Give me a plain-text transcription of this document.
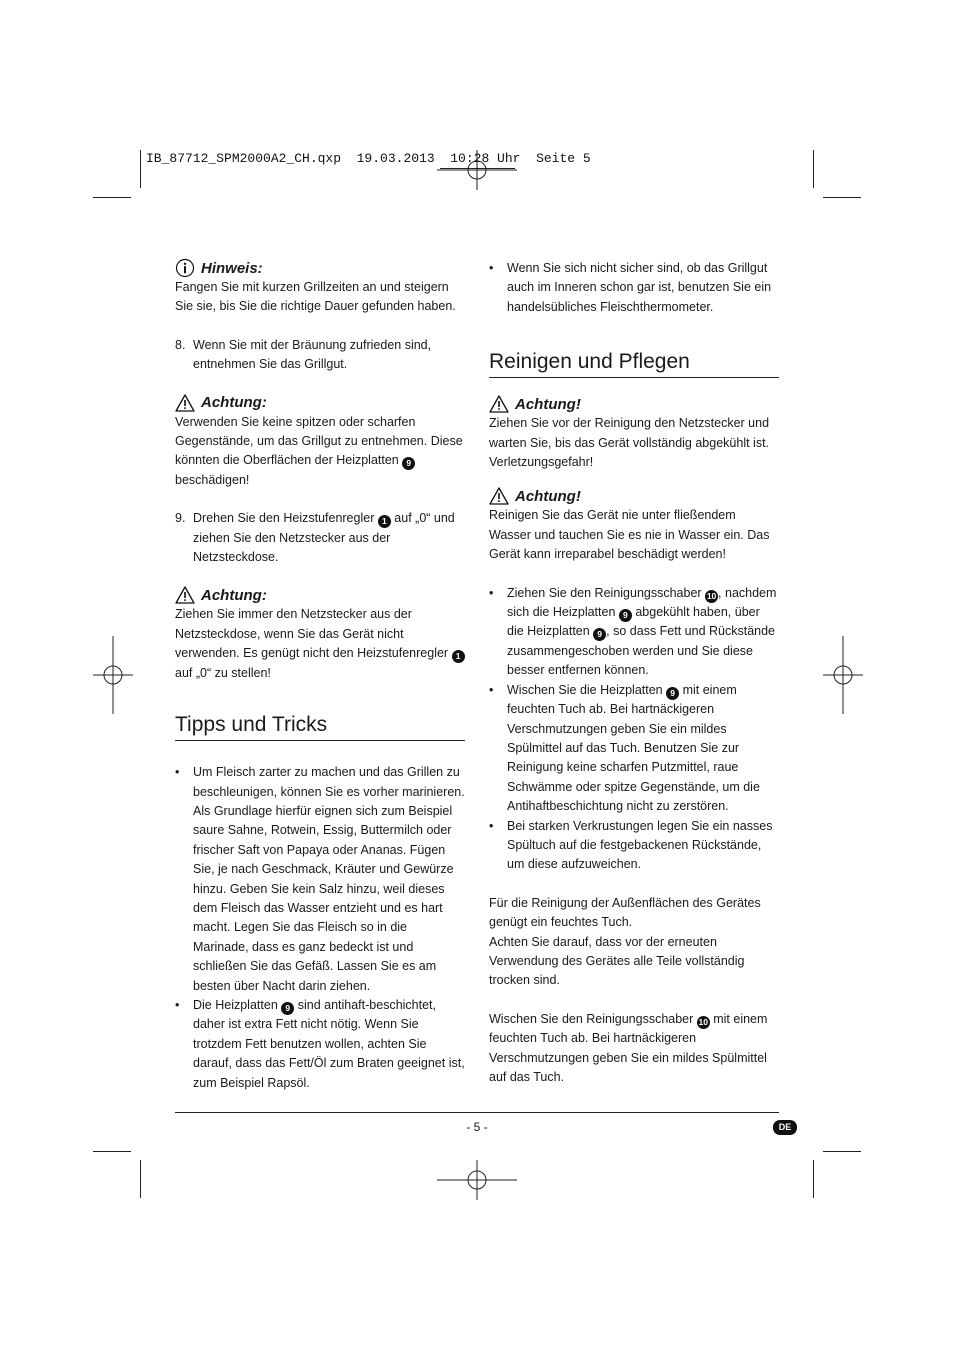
IB_87712_SPM2000A2_CH.qxp  19.03.2013  10:28 Uhr  Seite 5
Hinweis:

Fangen Sie mit kurzen Grillzeiten an und steigern Sie sie, bis Sie die richtige Dauer gefunden haben.

8. Wenn Sie mit der Bräunung zufrieden sind, entnehmen Sie das Grillgut.
Achtung:

Verwenden Sie keine spitzen oder scharfen Gegenstände, um das Grillgut zu entnehmen. Diese könnten die Oberflächen der Heizplatten 9 beschädigen!

9. Drehen Sie den Heizstufenregler 1 auf „0“ und ziehen Sie den Netzstecker aus der Netzsteckdose.
Achtung:

Ziehen Sie immer den Netzstecker aus der Netzsteckdose, wenn Sie das Gerät nicht verwenden. Es genügt nicht den Heizstufenregler 1 auf „0“ zu stellen!

Tipps und Tricks
•	Um Fleisch zarter zu machen und das Grillen zu beschleunigen, können Sie es vorher marinieren. Als Grundlage hierfür eignen sich zum Beispiel saure Sahne, Rotwein, Essig, Buttermilch oder frischer Saft von Papaya oder Ananas. Fügen Sie, je nach Geschmack, Kräuter und Gewürze hinzu. Geben Sie kein Salz hinzu, weil dieses dem Fleisch das Wasser entzieht und es hart macht. Legen Sie das Fleisch so in die Marinade, dass es ganz bedeckt ist und schließen Sie das Gefäß. Lassen Sie es am besten über Nacht darin ziehen.
•	Die Heizplatten 9 sind antihaft-beschichtet, daher ist extra Fett nicht nötig. Wenn Sie trotzdem Fett benutzen wollen, achten Sie darauf, dass das Fett/Öl zum Braten geeignet ist, zum Beispiel Rapsöl.
•	Wenn Sie sich nicht sicher sind, ob das Grillgut auch im Inneren schon gar ist, benutzen Sie ein handelsübliches Fleischthermometer.
Reinigen und Pflegen
Achtung!

Ziehen Sie vor der Reinigung den Netzstecker und warten Sie, bis das Gerät vollständig abgekühlt ist. Verletzungsgefahr!

Achtung!

Reinigen Sie das Gerät nie unter fließendem Wasser und tauchen Sie es nie in Wasser ein. Das Gerät kann irreparabel beschädigt werden!

•	Ziehen Sie den Reinigungsschaber 10 , nachdem sich die Heizplatten 9 abgekühlt haben, über die Heizplatten 9 , so dass Fett und Rückstände zusammengeschoben werden und Sie diese besser entfernen können.
•	Wischen Sie die Heizplatten 9 mit einem feuchten Tuch ab. Bei hartnäckigeren Verschmutzungen geben Sie ein mildes Spülmittel auf das Tuch. Benutzen Sie zur Reinigung keine scharfen Putzmittel, raue Schwämme oder spitze Gegenstände, um die Antihaftbeschichtung nicht zu zerstören.
•	Bei starken Verkrustungen legen Sie ein nasses Spültuch auf die festgebackenen Rückstände, um diese aufzuweichen.

Für die Reinigung der Außenflächen des Gerätes genügt ein feuchtes Tuch.

Achten Sie darauf, dass vor der erneuten Verwendung des Gerätes alle Teile vollständig trocken sind.

Wischen Sie den Reinigungsschaber 10 mit einem feuchten Tuch ab. Bei hartnäckigeren Verschmutzungen geben Sie ein mildes Spülmittel auf das Tuch.

- 5 -	DE
